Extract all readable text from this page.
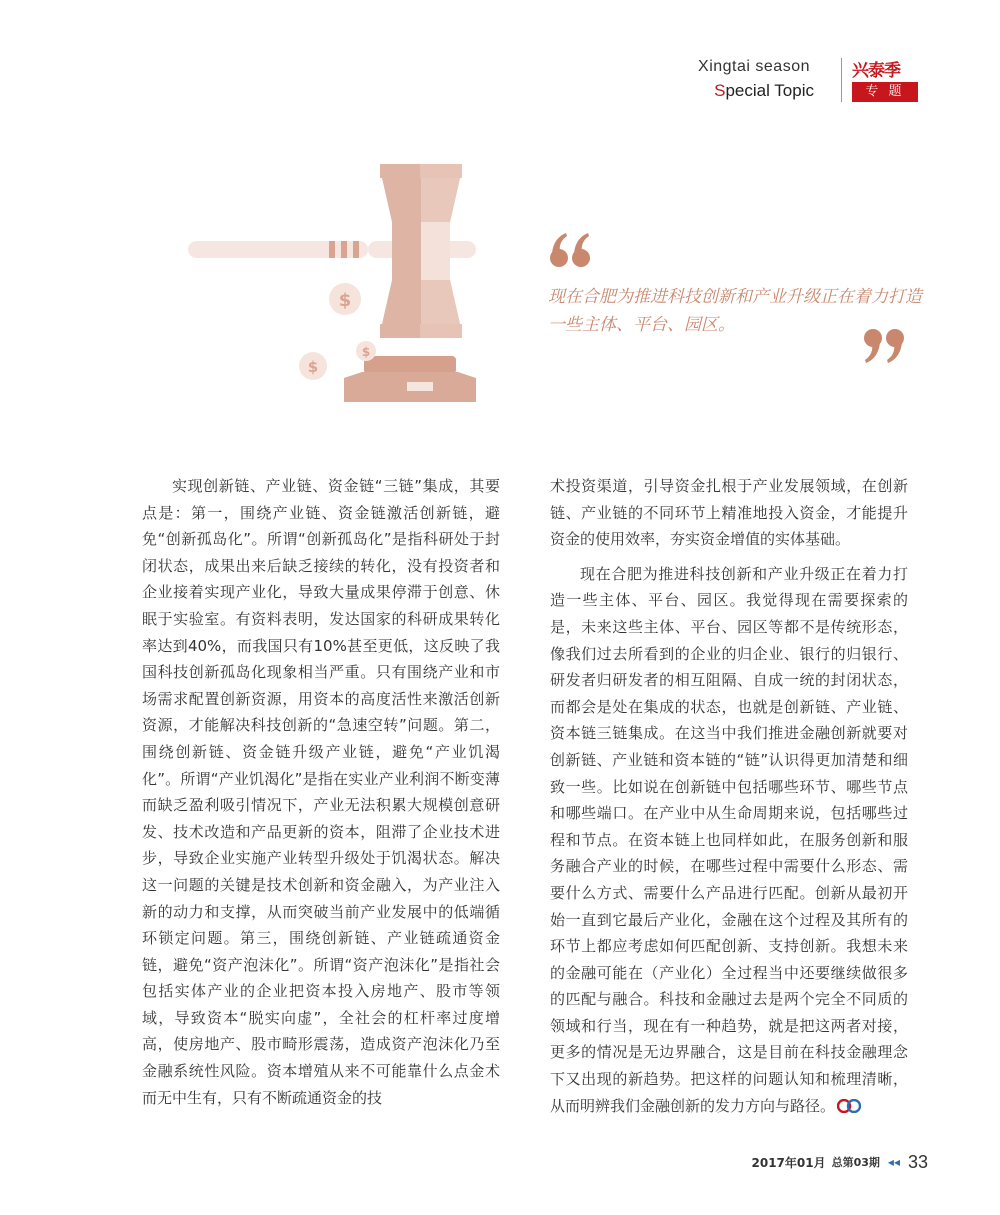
Xingtai season
Special Topic
兴泰季
专 题
$
$
$
现在合肥为推进科技创新和产业升级正在着力打造一些主体、平台、园区。

实现创新链、产业链、资金链“三链”集成，其要点是：第一，围绕产业链、资金链激活创新链，避免“创新孤岛化”。所谓“创新孤岛化”是指科研处于封闭状态，成果出来后缺乏接续的转化，没有投资者和企业接着实现产业化，导致大量成果停滞于创意、休眠于实验室。有资料表明，发达国家的科研成果转化率达到40%，而我国只有10%甚至更低，这反映了我国科技创新孤岛化现象相当严重。只有围绕产业和市场需求配置创新资源，用资本的高度活性来激活创新资源，才能解决科技创新的“急速空转”问题。第二，围绕创新链、资金链升级产业链，避免“产业饥渴化”。所谓“产业饥渴化”是指在实业产业利润不断变薄而缺乏盈利吸引情况下，产业无法积累大规模创意研发、技术改造和产品更新的资本，阻滞了企业技术进步，导致企业实施产业转型升级处于饥渴状态。解决这一问题的关键是技术创新和资金融入，为产业注入新的动力和支撑，从而突破当前产业发展中的低端循环锁定问题。第三，围绕创新链、产业链疏通资金链，避免“资产泡沫化”。所谓“资产泡沫化”是指社会包括实体产业的企业把资本投入房地产、股市等领域，导致资本“脱实向虚”，全社会的杠杆率过度增高，使房地产、股市畸形震荡，造成资产泡沫化乃至金融系统性风险。资本增殖从来不可能靠什么点金术而无中生有，只有不断疏通资金的技

术投资渠道，引导资金扎根于产业发展领域，在创新链、产业链的不同环节上精准地投入资金，才能提升资金的使用效率，夯实资金增值的实体基础。

现在合肥为推进科技创新和产业升级正在着力打造一些主体、平台、园区。我觉得现在需要探索的是，未来这些主体、平台、园区等都不是传统形态，像我们过去所看到的企业的归企业、银行的归银行、研发者归研发者的相互阻隔、自成一统的封闭状态，而都会是处在集成的状态，也就是创新链、产业链、资本链三链集成。在这当中我们推进金融创新就要对创新链、产业链和资本链的“链”认识得更加清楚和细致一些。比如说在创新链中包括哪些环节、哪些节点和哪些端口。在产业中从生命周期来说，包括哪些过程和节点。在资本链上也同样如此，在服务创新和服务融合产业的时候，在哪些过程中需要什么形态、需要什么方式、需要什么产品进行匹配。创新从最初开始一直到它最后产业化，金融在这个过程及其所有的环节上都应考虑如何匹配创新、支持创新。我想未来的金融可能在（产业化）全过程当中还要继续做很多的匹配与融合。科技和金融过去是两个完全不同质的领域和行当，现在有一种趋势，就是把这两者对接，更多的情况是无边界融合，这是目前在科技金融理念下又出现的新趋势。把这样的问题认知和梳理清晰，从而明辨我们金融创新的发力方向与路径。

2017年01月 总第03期 ◂◂ 33
